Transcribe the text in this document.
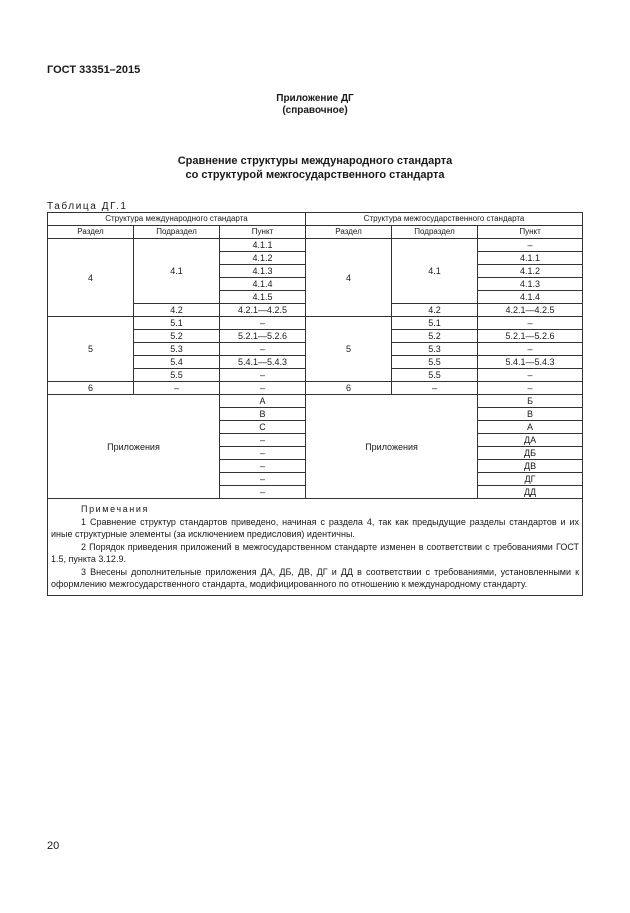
ГОСТ 33351–2015
Приложение ДГ
(справочное)
Сравнение структуры международного стандарта
со структурой межгосударственного стандарта
Таблица ДГ.1
Структура международного стандарта			Структура межгосударственного стандарта		
Раздел	Подраздел	Пункт	Раздел	Подраздел	Пункт
4	4.1	4.1.1	4	4.1	–
		4.1.2			4.1.1
		4.1.3			4.1.2
		4.1.4			4.1.3
		4.1.5			4.1.4
	4.2	4.2.1—4.2.5		4.2	4.2.1—4.2.5
5	5.1	–	5	5.1	–
	5.2	5.2.1—5.2.6		5.2	5.2.1—5.2.6
	5.3	–		5.3	–
	5.4	5.4.1—5.4.3		5.5	5.4.1—5.4.3
	5.5	–		5.5	–
6	–	–	6	–	–
Приложения		А	Приложения		Б
		В			В
		С			А
		–			ДА
		–			ДБ
		–			ДВ
		–			ДГ
		–			ДД

Примечания
1 Сравнение структур стандартов приведено, начиная с раздела 4, так как предыдущие разделы стандартов и их иные структурные элементы (за исключением предисловия) идентичны.
2 Порядок приведения приложений в межгосударственном стандарте изменен в соответствии с требованиями ГОСТ 1.5, пункта 3.12.9.
3 Внесены дополнительные приложения ДА, ДБ, ДВ, ДГ и ДД в соответствии с требованиями, установленными к оформлению межгосударственного стандарта, модифицированного по отношению к международному стандарту.					
20
